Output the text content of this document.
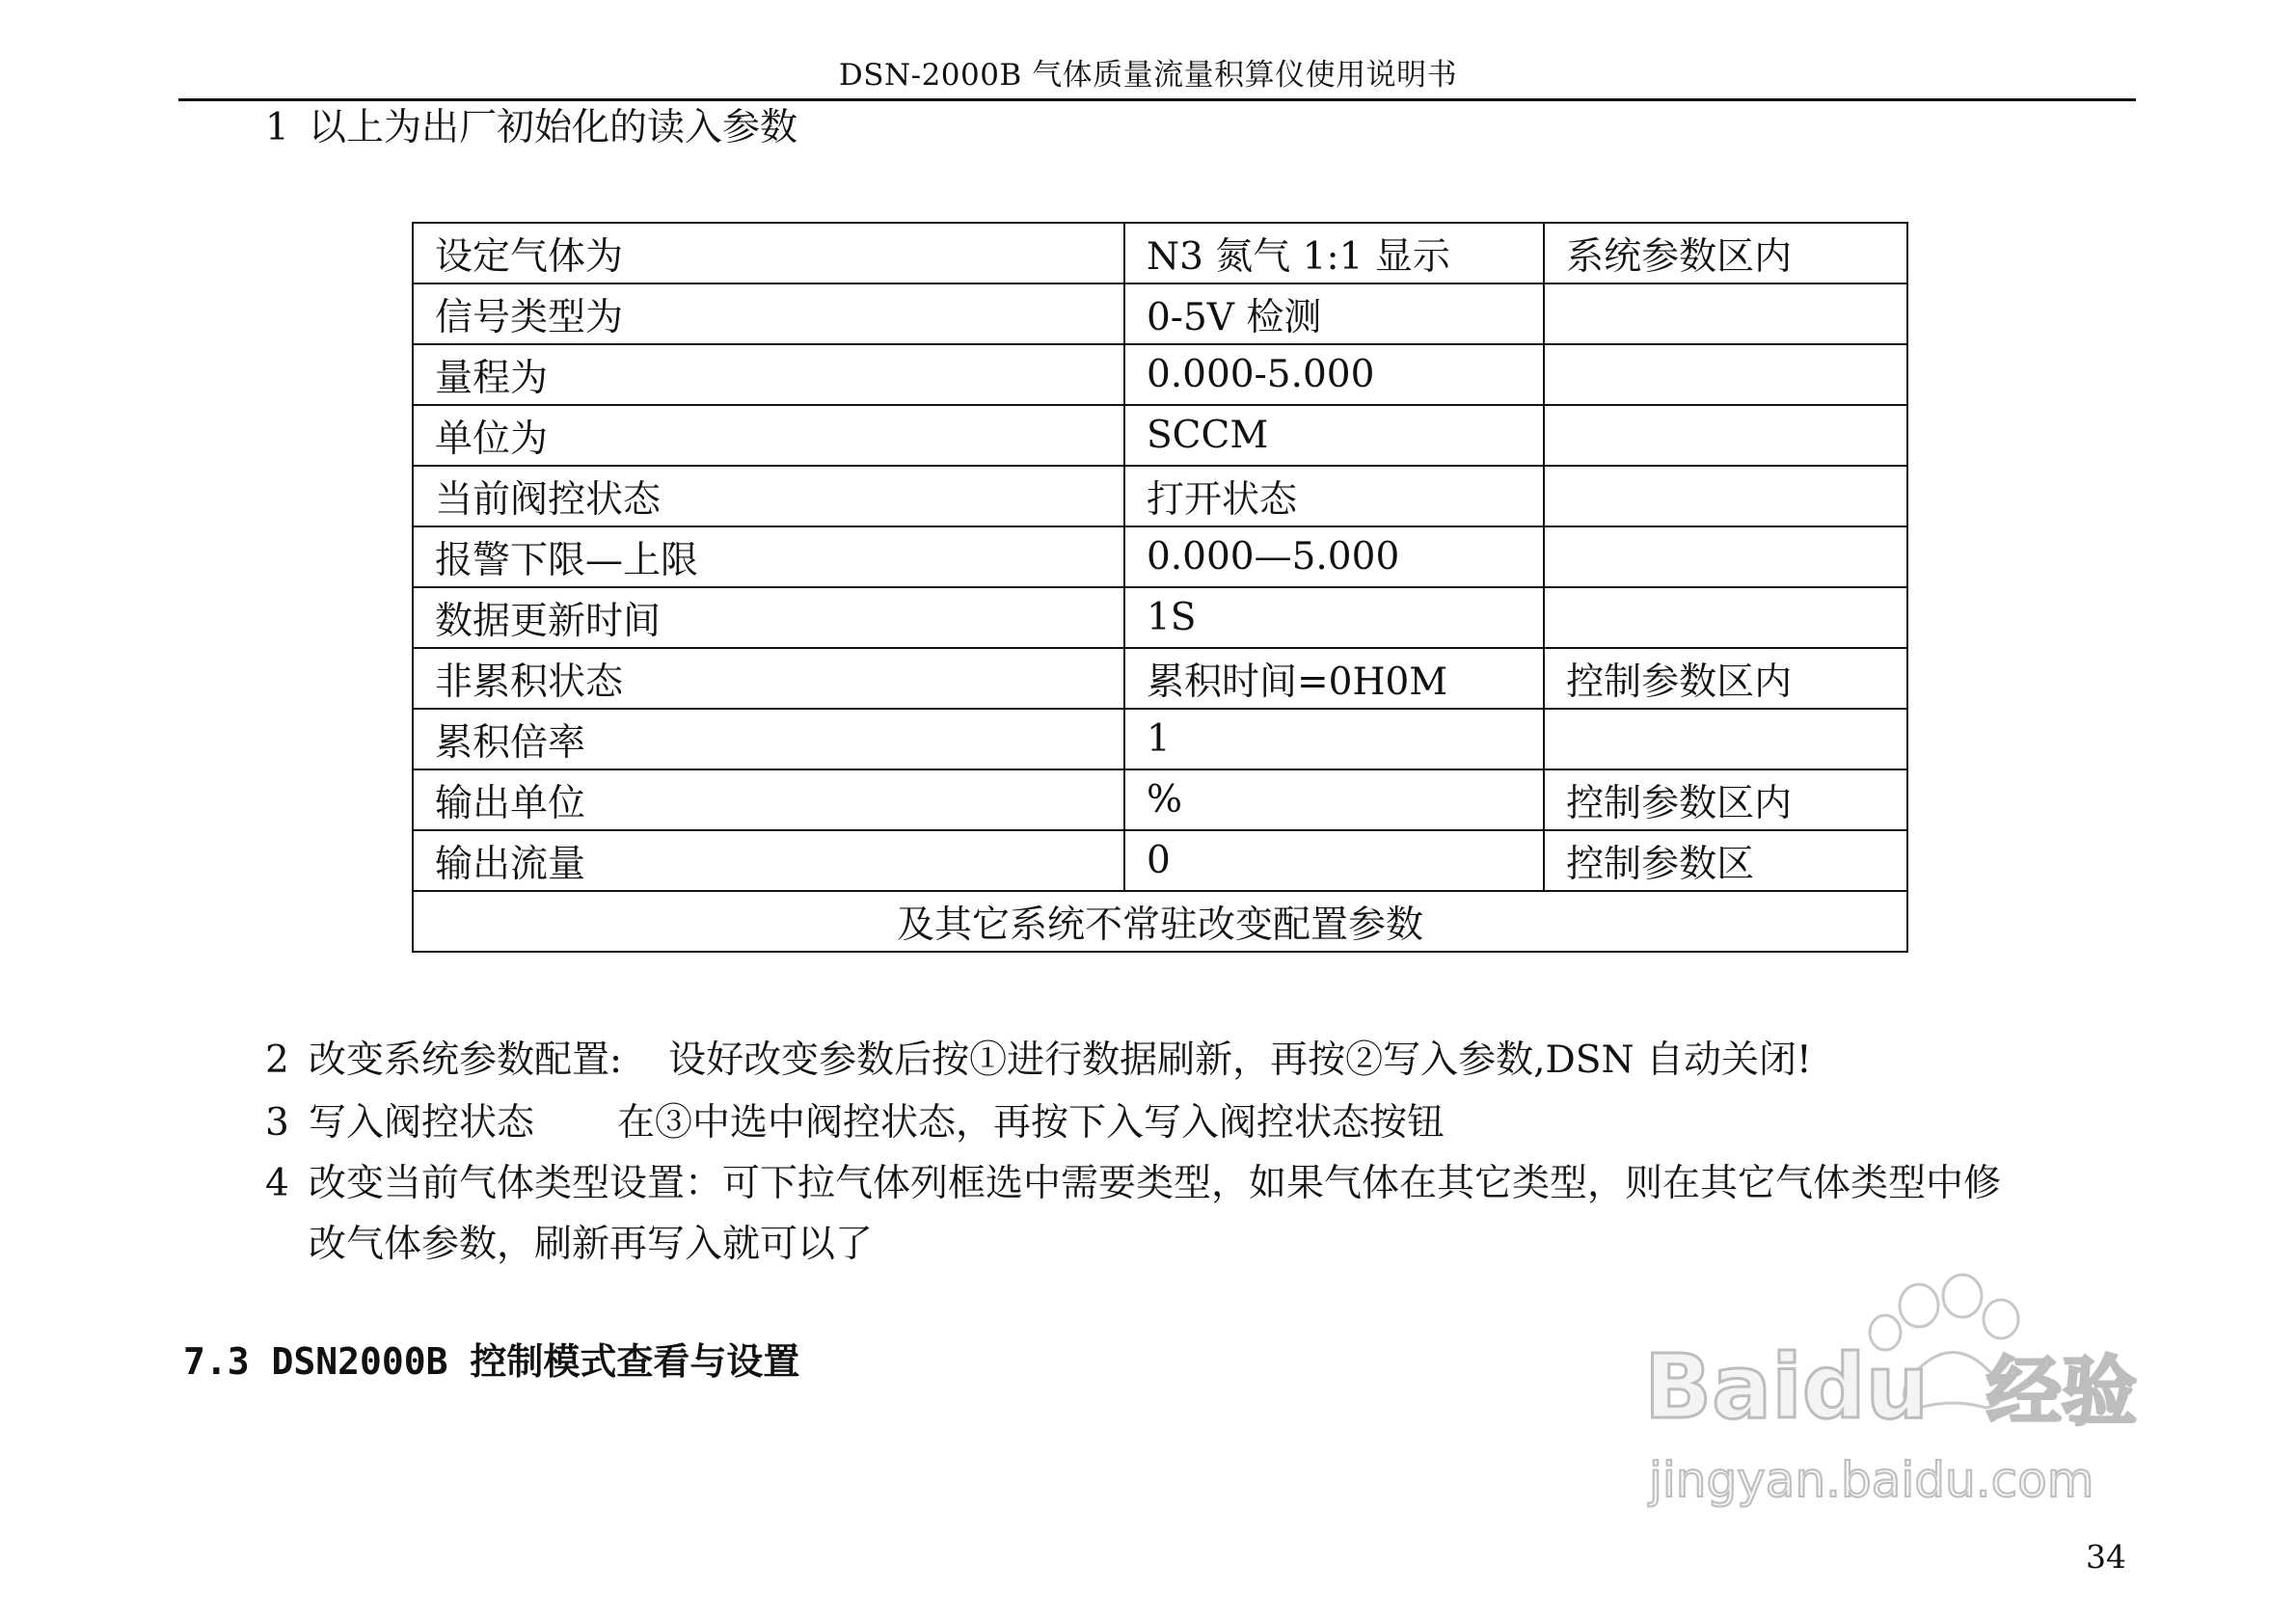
DSN-2000B 气体质量流量积算仪使用说明书
1 以上为出厂初始化的读入参数
设定气体为	N3 氮气 1:1 显示	系统参数区内
信号类型为	0-5V 检测	
量程为	0.000-5.000	
单位为	SCCM	
当前阀控状态	打开状态	
报警下限—上限	0.000—5.000	
数据更新时间	1S	
非累积状态	累积时间=0H0M	控制参数区内
累积倍率	1	
输出单位	%	控制参数区内
输出流量	0	控制参数区
及其它系统不常驻改变配置参数		
2 改变系统参数配置: 设好改变参数后按①进行数据刷新，再按②写入参数,DSN 自动关闭!
3 写入阀控状态 在③中选中阀控状态，再按下入写入阀控状态按钮
4 改变当前气体类型设置：可下拉气体列框选中需要类型，如果气体在其它类型，则在其它气体类型中修
改气体参数，刷新再写入就可以了
7.3 DSN2000B 控制模式查看与设置	Baidu 经验
jingyan.baidu.com
34
